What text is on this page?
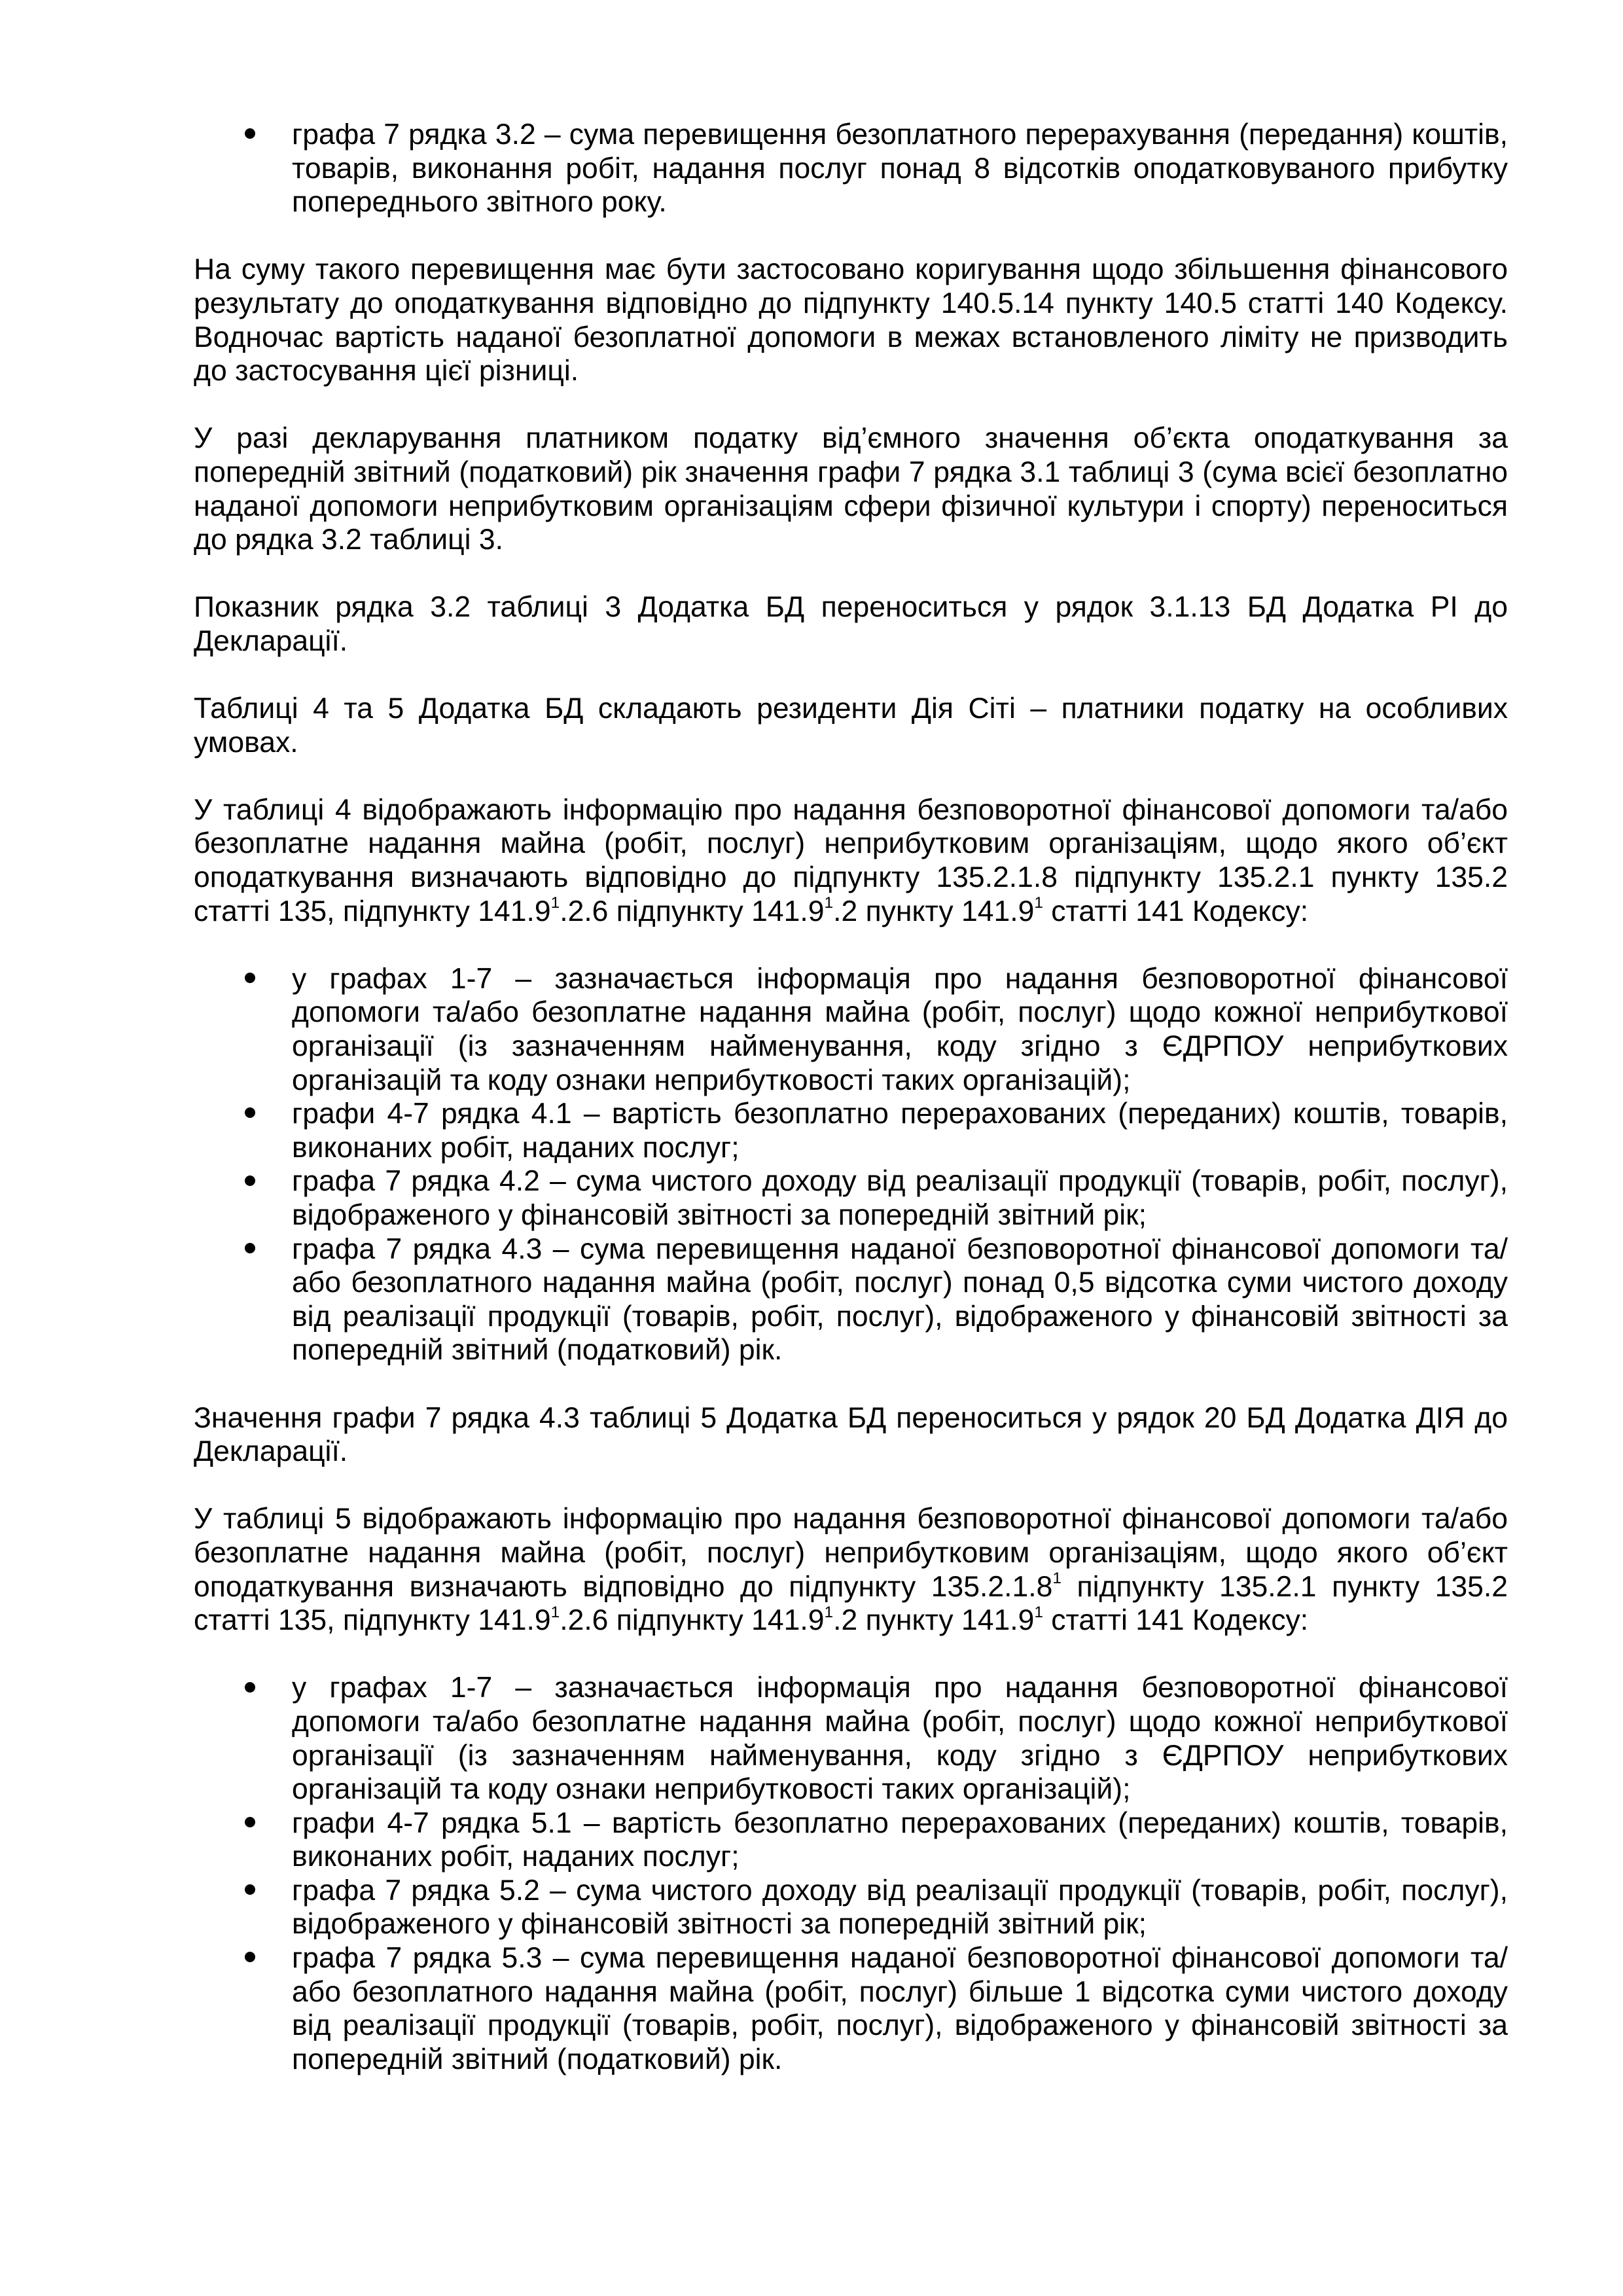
графа 7 рядка 3.2 – сума перевищення безоплатного перерахування (передання) коштів, товарів, виконання робіт, надання послуг понад 8 відсотків оподатковуваного прибутку попереднього звітного року.

На суму такого перевищення має бути застосовано коригування щодо збільшення фінансового результату до оподаткування відповідно до підпункту 140.5.14 пункту 140.5 статті 140 Кодексу. Водночас вартість наданої безоплатної допомоги в межах встановленого ліміту не призводить до застосування цієї різниці.

У разі декларування платником податку від’ємного значення об’єкта оподаткування за попередній звітний (податковий) рік значення графи 7 рядка 3.1 таблиці 3 (сума всієї безоплатно наданої допомоги неприбутковим організаціям сфери фізичної культури і спорту) переноситься до рядка 3.2 таблиці 3.

Показник рядка 3.2 таблиці 3 Додатка БД переноситься у рядок 3.1.13 БД Додатка РІ до Декларації.

Таблиці 4 та 5 Додатка БД складають резиденти Дія Сіті – платники податку на особливих умовах.

У таблиці 4 відображають інформацію про надання безповоротної фінансової допомоги та/або безоплатне надання майна (робіт, послуг) неприбутковим організаціям, щодо якого об’єкт оподаткування визначають відповідно до підпункту 135.2.1.8 підпункту 135.2.1 пункту 135.2 статті 135, підпункту 141.9$^1$.2.6 підпункту 141.9$^1$.2 пункту 141.9$^1$ статті 141 Кодексу:

у графах 1-7 – зазначається інформація про надання безповоротної фінансової допомоги та/або безоплатне надання майна (робіт, послуг) щодо кожної неприбуткової організації (із зазначенням найменування, коду згідно з ЄДРПОУ неприбуткових організацій та коду ознаки неприбутковості таких організацій);
графи 4-7 рядка 4.1 – вартість безоплатно перерахованих (переданих) коштів, товарів, виконаних робіт, наданих послуг;
графа 7 рядка 4.2 – сума чистого доходу від реалізації продукції (товарів, робіт, послуг), відображеного у фінансовій звітності за попередній звітний рік;
графа 7 рядка 4.3 – сума перевищення наданої безповоротної фінансової допомоги та/або безоплатного надання майна (робіт, послуг) понад 0,5 відсотка суми чистого доходу від реалізації продукції (товарів, робіт, послуг), відображеного у фінансовій звітності за попередній звітний (податковий) рік.

Значення графи 7 рядка 4.3 таблиці 5 Додатка БД переноситься у рядок 20 БД Додатка ДІЯ до Декларації.

У таблиці 5 відображають інформацію про надання безповоротної фінансової допомоги та/або безоплатне надання майна (робіт, послуг) неприбутковим організаціям, щодо якого об’єкт оподаткування визначають відповідно до підпункту 135.2.1.8$^1$ підпункту 135.2.1 пункту 135.2 статті 135, підпункту 141.9$^1$.2.6 підпункту 141.9$^1$.2 пункту 141.9$^1$ статті 141 Кодексу:

у графах 1-7 – зазначається інформація про надання безповоротної фінансової допомоги та/або безоплатне надання майна (робіт, послуг) щодо кожної неприбуткової організації (із зазначенням найменування, коду згідно з ЄДРПОУ неприбуткових організацій та коду ознаки неприбутковості таких організацій);
графи 4-7 рядка 5.1 – вартість безоплатно перерахованих (переданих) коштів, товарів, виконаних робіт, наданих послуг;
графа 7 рядка 5.2 – сума чистого доходу від реалізації продукції (товарів, робіт, послуг), відображеного у фінансовій звітності за попередній звітний рік;
графа 7 рядка 5.3 – сума перевищення наданої безповоротної фінансової допомоги та/або безоплатного надання майна (робіт, послуг) більше 1 відсотка суми чистого доходу від реалізації продукції (товарів, робіт, послуг), відображеного у фінансовій звітності за попередній звітний (податковий) рік.
